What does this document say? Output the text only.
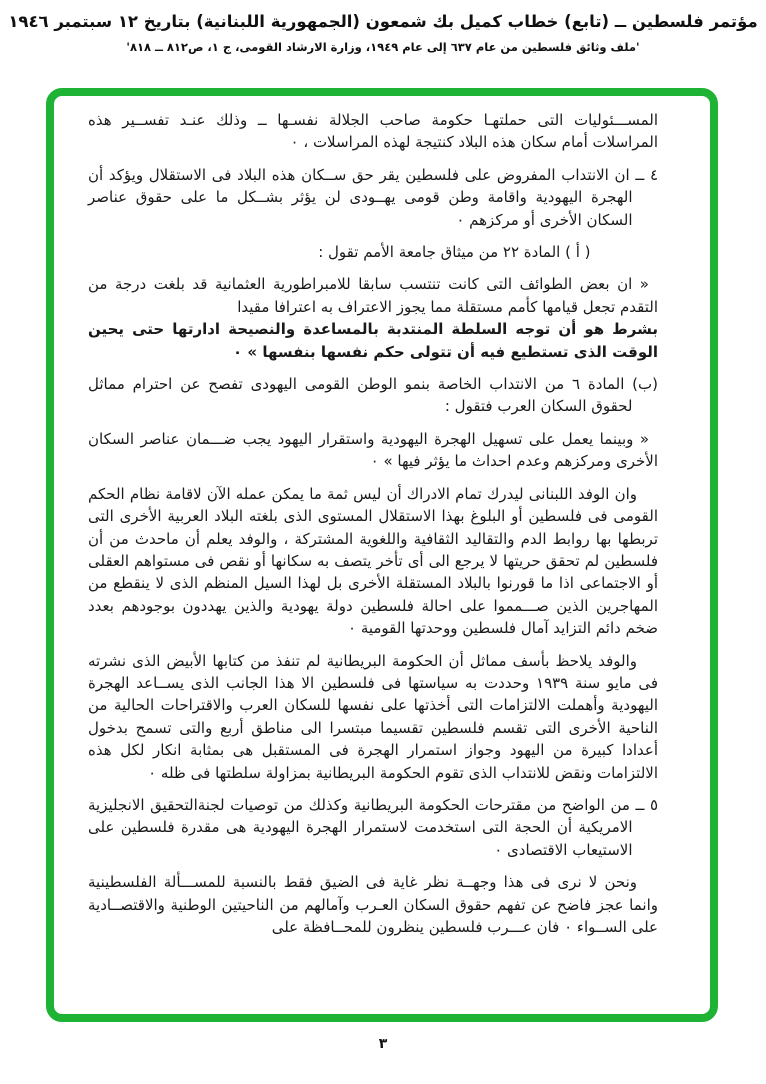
مؤتمر فلسطين ــ (تابع) خطاب كميل بك شمعون (الجمهورية اللبنانية) بتاريخ ١٢ سبتمبر ١٩٤٦
'ملف وثائق فلسطين من عام ٦٣٧ إلى عام ١٩٤٩، وزارة الارشاد القومى، ج ١، ص٨١٢ ــ ٨١٨'

المســـئوليات التى حملتهـا حكومة صاحب الجلالة نفسـها ــ وذلك عنـد تفســير هذه المراسلات أمام سكان هذه البلاد كنتيجة لهذه المراسلات ، ٠

٤ ــ ان الانتداب المفروض على فلسطين يقر حق ســكان هذه البلاد فى الاستقلال ويؤكد أن الهجرة اليهودية واقامة وطن قومى يهــودى لن يؤثر بشــكل ما على حقوق عناصر السكان الأخرى أو مركزهم ٠

( أ ) المادة ٢٢ من ميثاق جامعة الأمم تقول :

« ان بعض الطوائف التى كانت تنتسب سابقا للامبراطورية العثمانية قد بلغت درجة من التقدم تجعل قيامها كأمم مستقلة مما يجوز الاعتراف به اعترافا مقيدا

بشرط هو أن توجه السلطة المنتدبة بالمساعدة والنصيحة ادارتها حتى يحين الوقت الذى تستطيع فيه أن تتولى حكم نفسها بنفسها » ٠

(ب) المادة ٦ من الانتداب الخاصة بنمو الوطن القومى اليهودى تفصح عن احترام مماثل لحقوق السكان العرب فتقول :

« وبينما يعمل على تسهيل الهجرة اليهودية واستقرار اليهود يجب ضـــمان عناصر السكان الأخرى ومركزهم وعدم احداث ما يؤثر فيها » ٠

وان الوفد اللبنانى ليدرك تمام الادراك أن ليس ثمة ما يمكن عمله الآن لاقامة نظام الحكم القومى فى فلسطين أو البلوغ بهذا الاستقلال المستوى الذى بلغته البلاد العربية الأخرى التى تربطها بها روابط الدم والتقاليد الثقافية واللغوية المشتركة ، والوفد يعلم أن ماحدث من أن فلسطين لم تحقق حريتها لا يرجع الى أى تأخر يتصف به سكانها أو نقص فى مستواهم العقلى أو الاجتماعى اذا ما قورنوا بالبلاد المستقلة الأخرى بل لهذا السيل المنظم الذى لا ينقطع من المهاجرين الذين صـــمموا على احالة فلسطين دولة يهودية والذين يهددون بوجودهم بعدد ضخم دائم التزايد آمال فلسطين ووحدتها القومية ٠

والوفد يلاحظ بأسف مماثل أن الحكومة البريطانية لم تنفذ من كتابها الأبيض الذى نشرته فى مايو سنة ١٩٣٩ وحددت به سياستها فى فلسطين الا هذا الجانب الذى يســاعد الهجرة اليهودية وأهملت الالتزامات التى أخذتها على نفسها للسكان العرب والاقتراحات الحالية من الناحية الأخرى التى تقسم فلسطين تقسيما مبتسرا الى مناطق أربع والتى تسمح بدخول أعدادا كبيرة من اليهود وجواز استمرار الهجرة فى المستقبل هى بمثابة انكار لكل هذه الالتزامات ونقض للانتداب الذى تقوم الحكومة البريطانية بمزاولة سلطتها فى ظله ٠

٥ ــ من الواضح من مقترحات الحكومة البريطانية وكذلك من توصيات لجنةالتحقيق الانجليزية الامريكية أن الحجة التى استخدمت لاستمرار الهجرة اليهودية هى مقدرة فلسطين على الاستيعاب الاقتصادى ٠

ونحن لا نرى فى هذا وجهــة نظر غاية فى الضيق فقط بالنسبة للمســـألة الفلسطينية وانما عجز فاضح عن تفهم حقوق السكان العـرب وآمالهم من الناحيتين الوطنية والاقتصــادية على الســواء ٠ فان عـــرب فلسطين ينظرون للمحــافظة على

٣
